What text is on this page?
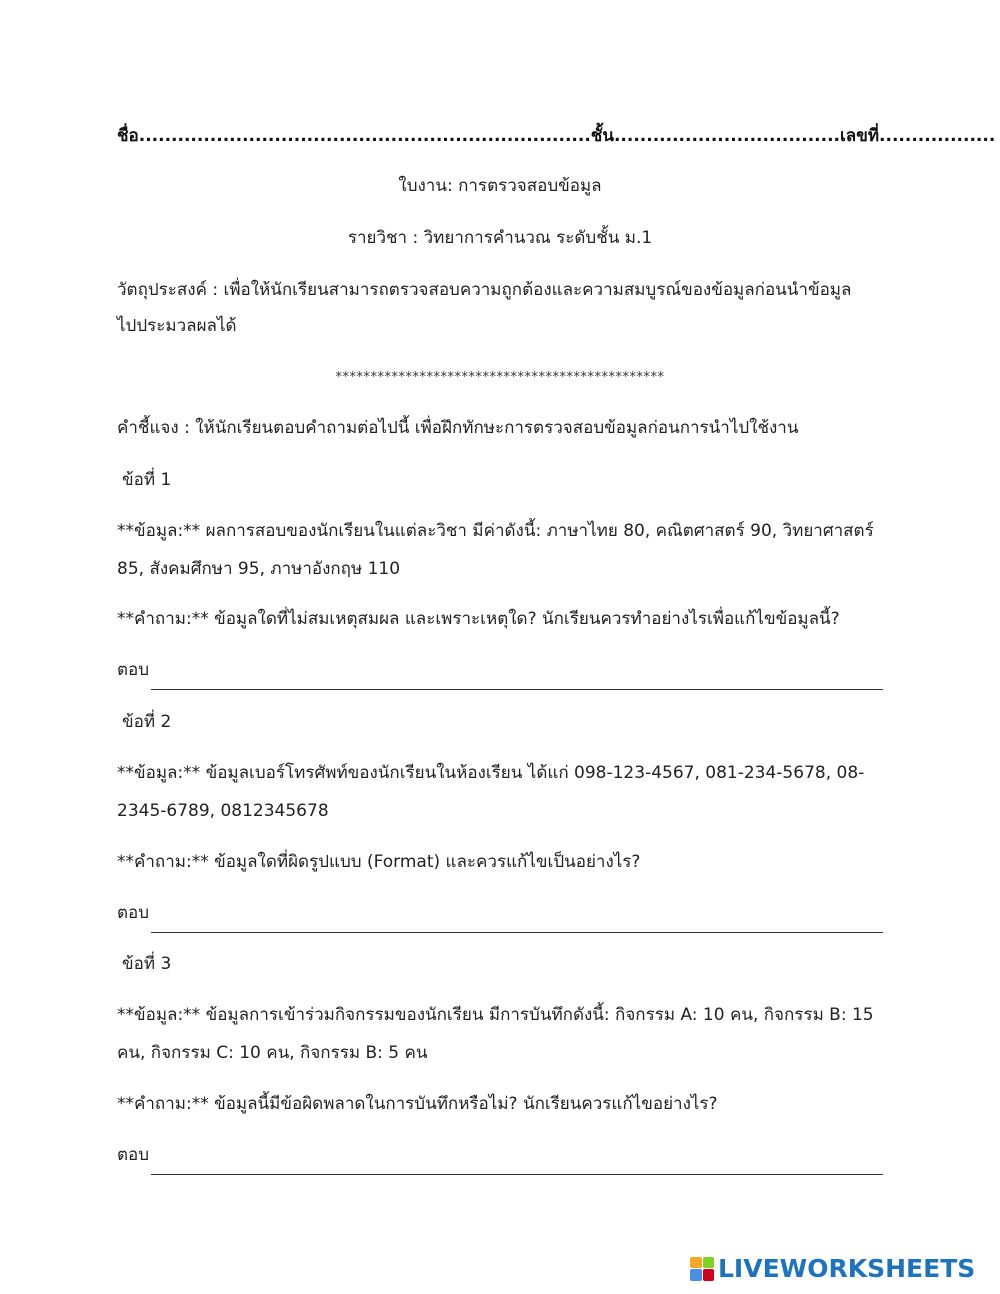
ชื่อ......................................................................ชั้น...................................เลขที่..................
ใบงาน: การตรวจสอบข้อมูล
รายวิชา : วิทยาการคำนวณ ระดับชั้น ม.1
วัตถุประสงค์ : เพื่อให้นักเรียนสามารถตรวจสอบความถูกต้องและความสมบูรณ์ของข้อมูลก่อนนำข้อมูล
ไปประมวลผลได้
***********************************************
คำชี้แจง : ให้นักเรียนตอบคำถามต่อไปนี้ เพื่อฝึกทักษะการตรวจสอบข้อมูลก่อนการนำไปใช้งาน
ข้อที่ 1
**ข้อมูล:** ผลการสอบของนักเรียนในแต่ละวิชา มีค่าดังนี้: ภาษาไทย 80, คณิตศาสตร์ 90, วิทยาศาสตร์
85, สังคมศึกษา 95, ภาษาอังกฤษ 110
**คำถาม:** ข้อมูลใดที่ไม่สมเหตุสมผล และเพราะเหตุใด? นักเรียนควรทำอย่างไรเพื่อแก้ไขข้อมูลนี้?
ตอบ
ข้อที่ 2
**ข้อมูล:** ข้อมูลเบอร์โทรศัพท์ของนักเรียนในห้องเรียน ได้แก่ 098-123-4567, 081-234-5678, 08-
2345-6789, 0812345678
**คำถาม:** ข้อมูลใดที่ผิดรูปแบบ (Format) และควรแก้ไขเป็นอย่างไร?
ตอบ
ข้อที่ 3
**ข้อมูล:** ข้อมูลการเข้าร่วมกิจกรรมของนักเรียน มีการบันทึกดังนี้: กิจกรรม A: 10 คน, กิจกรรม B: 15
คน, กิจกรรม C: 10 คน, กิจกรรม B: 5 คน
**คำถาม:** ข้อมูลนี้มีข้อผิดพลาดในการบันทึกหรือไม่? นักเรียนควรแก้ไขอย่างไร?
ตอบ
LIVEWORKSHEETS
